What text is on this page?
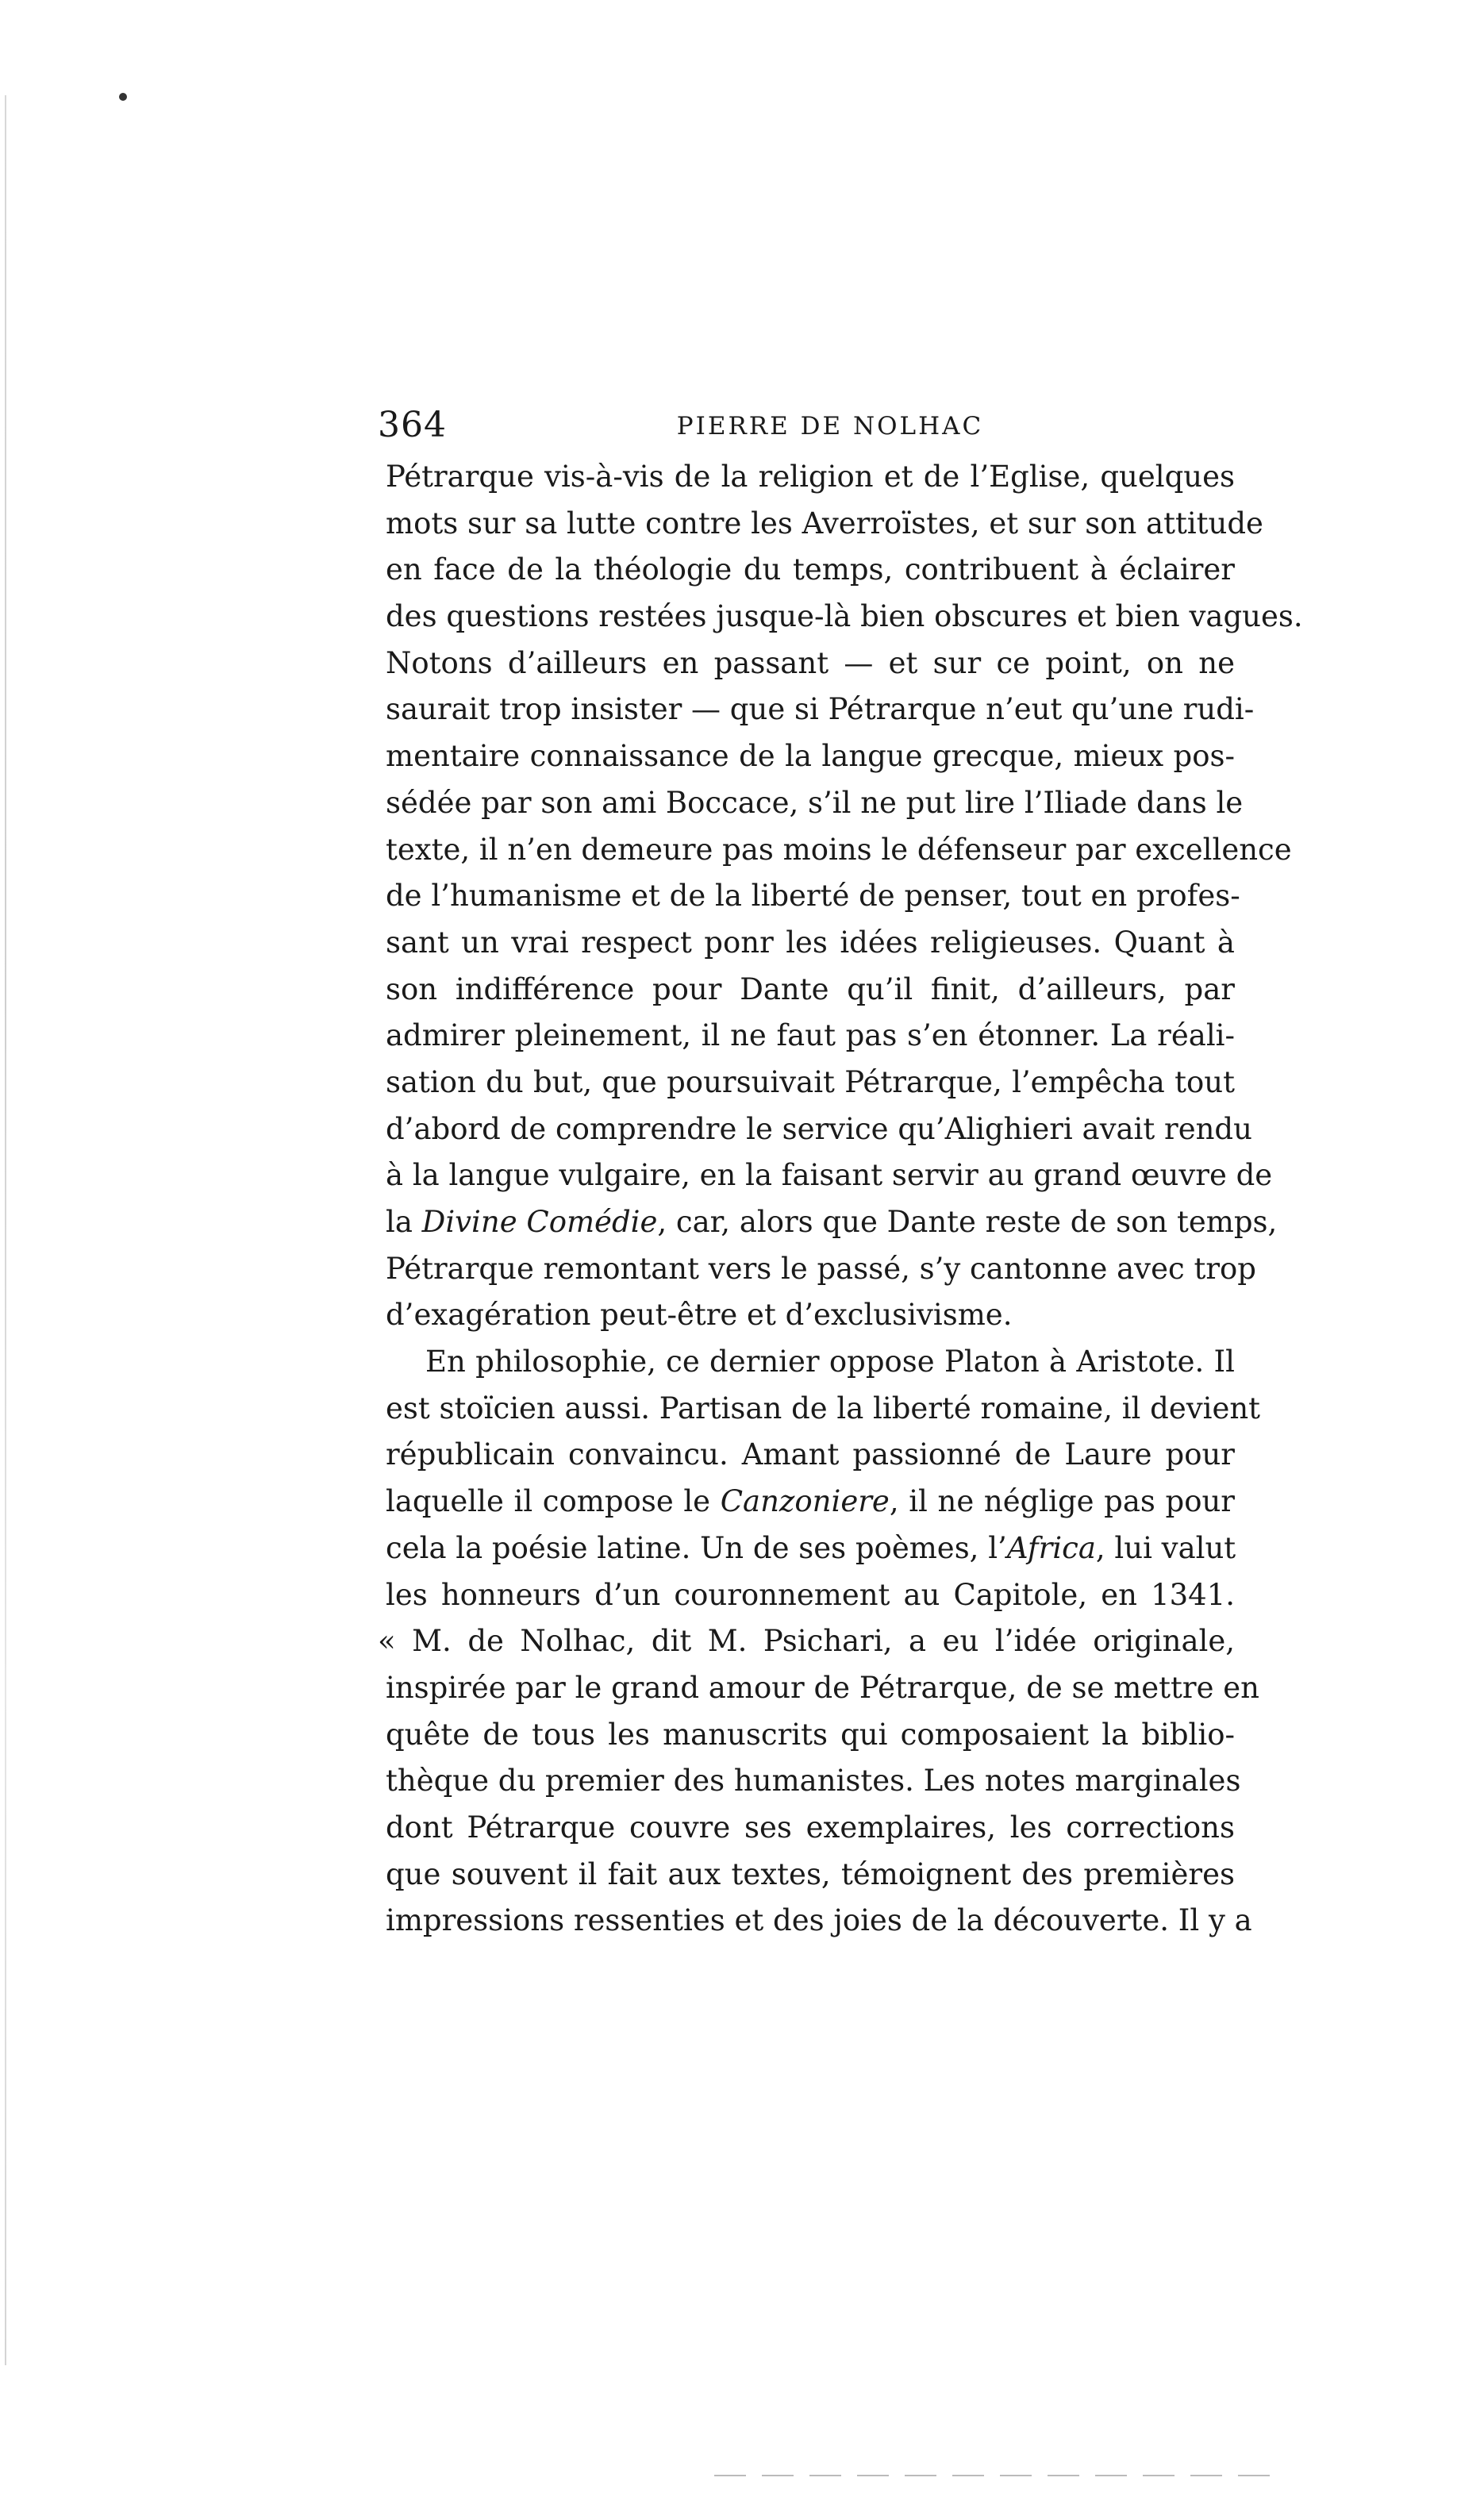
364	PIERRE DE NOLHAC
Pétrarque vis-à-vis de la religion et de l’Eglise, quelques
mots sur sa lutte contre les Averroïstes, et sur son attitude
en face de la théologie du temps, contribuent à éclairer
des questions restées jusque-là bien obscures et bien vagues.
Notons d’ailleurs en passant — et sur ce point, on ne
saurait trop insister — que si Pétrarque n’eut qu’une rudi-
mentaire connaissance de la langue grecque, mieux pos-
sédée par son ami Boccace, s’il ne put lire l’Iliade dans le
texte, il n’en demeure pas moins le défenseur par excellence
de l’humanisme et de la liberté de penser, tout en profes-
sant un vrai respect ponr les idées religieuses. Quant à
son indifférence pour Dante qu’il finit, d’ailleurs, par
admirer pleinement, il ne faut pas s’en étonner. La réali-
sation du but, que poursuivait Pétrarque, l’empêcha tout
d’abord de comprendre le service qu’Alighieri avait rendu
à la langue vulgaire, en la faisant servir au grand œuvre de
la Divine Comédie, car, alors que Dante reste de son temps,
Pétrarque remontant vers le passé, s’y cantonne avec trop
d’exagération peut-être et d’exclusivisme.
En philosophie, ce dernier oppose Platon à Aristote. Il
est stoïcien aussi. Partisan de la liberté romaine, il devient
républicain convaincu. Amant passionné de Laure pour
laquelle il compose le Canzoniere, il ne néglige pas pour
cela la poésie latine. Un de ses poèmes, l’Africa, lui valut
les honneurs d’un couronnement au Capitole, en 1341.
« M. de Nolhac, dit M. Psichari, a eu l’idée originale,
inspirée par le grand amour de Pétrarque, de se mettre en
quête de tous les manuscrits qui composaient la biblio-
thèque du premier des humanistes. Les notes marginales
dont Pétrarque couvre ses exemplaires, les corrections
que souvent il fait aux textes, témoignent des premières
impressions ressenties et des joies de la découverte. Il y a
